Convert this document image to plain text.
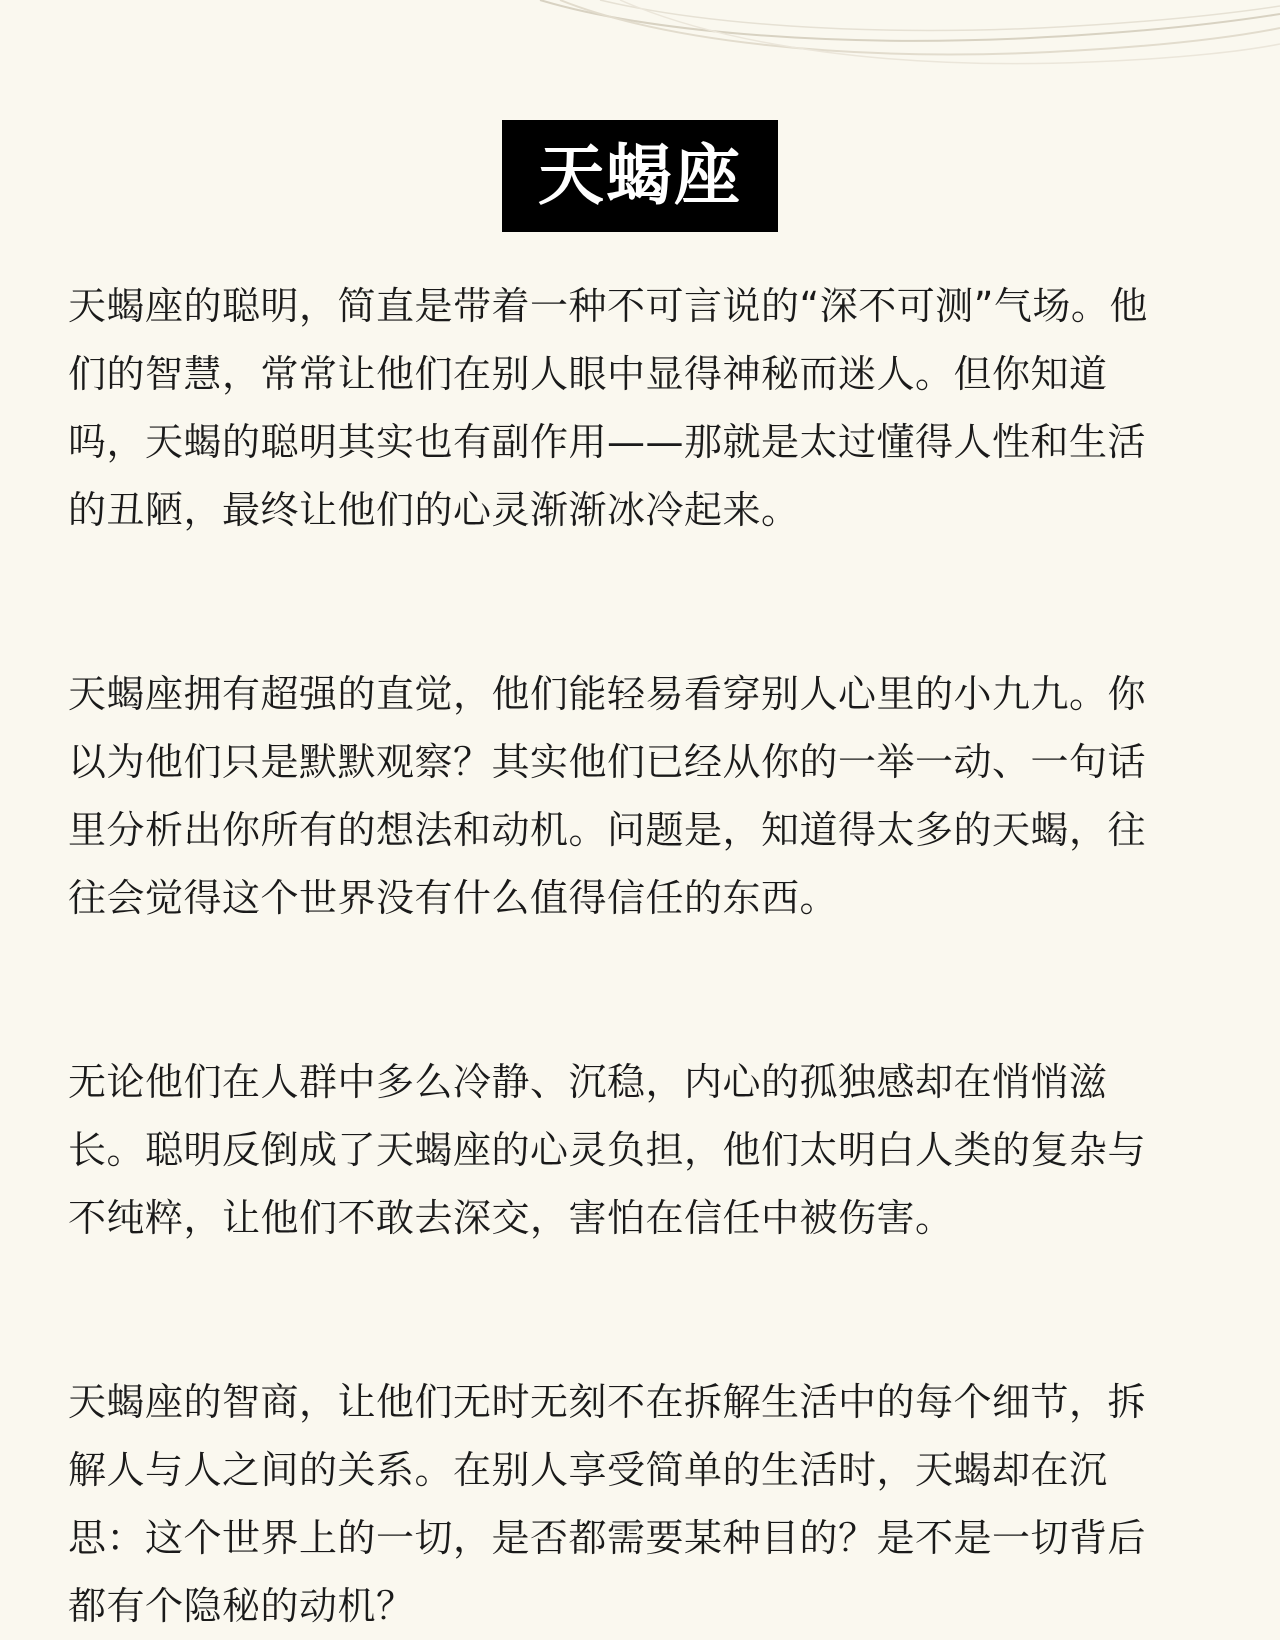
天蝎座

天蝎座的聪明，简直是带着一种不可言说的“深不可测”气场。他
们的智慧，常常让他们在别人眼中显得神秘而迷人。但你知道
吗，天蝎的聪明其实也有副作用——那就是太过懂得人性和生活
的丑陋，最终让他们的心灵渐渐冰冷起来。

天蝎座拥有超强的直觉，他们能轻易看穿别人心里的小九九。你
以为他们只是默默观察？其实他们已经从你的一举一动、一句话
里分析出你所有的想法和动机。问题是，知道得太多的天蝎，往
往会觉得这个世界没有什么值得信任的东西。

无论他们在人群中多么冷静、沉稳，内心的孤独感却在悄悄滋
长。聪明反倒成了天蝎座的心灵负担，他们太明白人类的复杂与
不纯粹，让他们不敢去深交，害怕在信任中被伤害。

天蝎座的智商，让他们无时无刻不在拆解生活中的每个细节，拆
解人与人之间的关系。在别人享受简单的生活时，天蝎却在沉
思：这个世界上的一切，是否都需要某种目的？是不是一切背后
都有个隐秘的动机？
